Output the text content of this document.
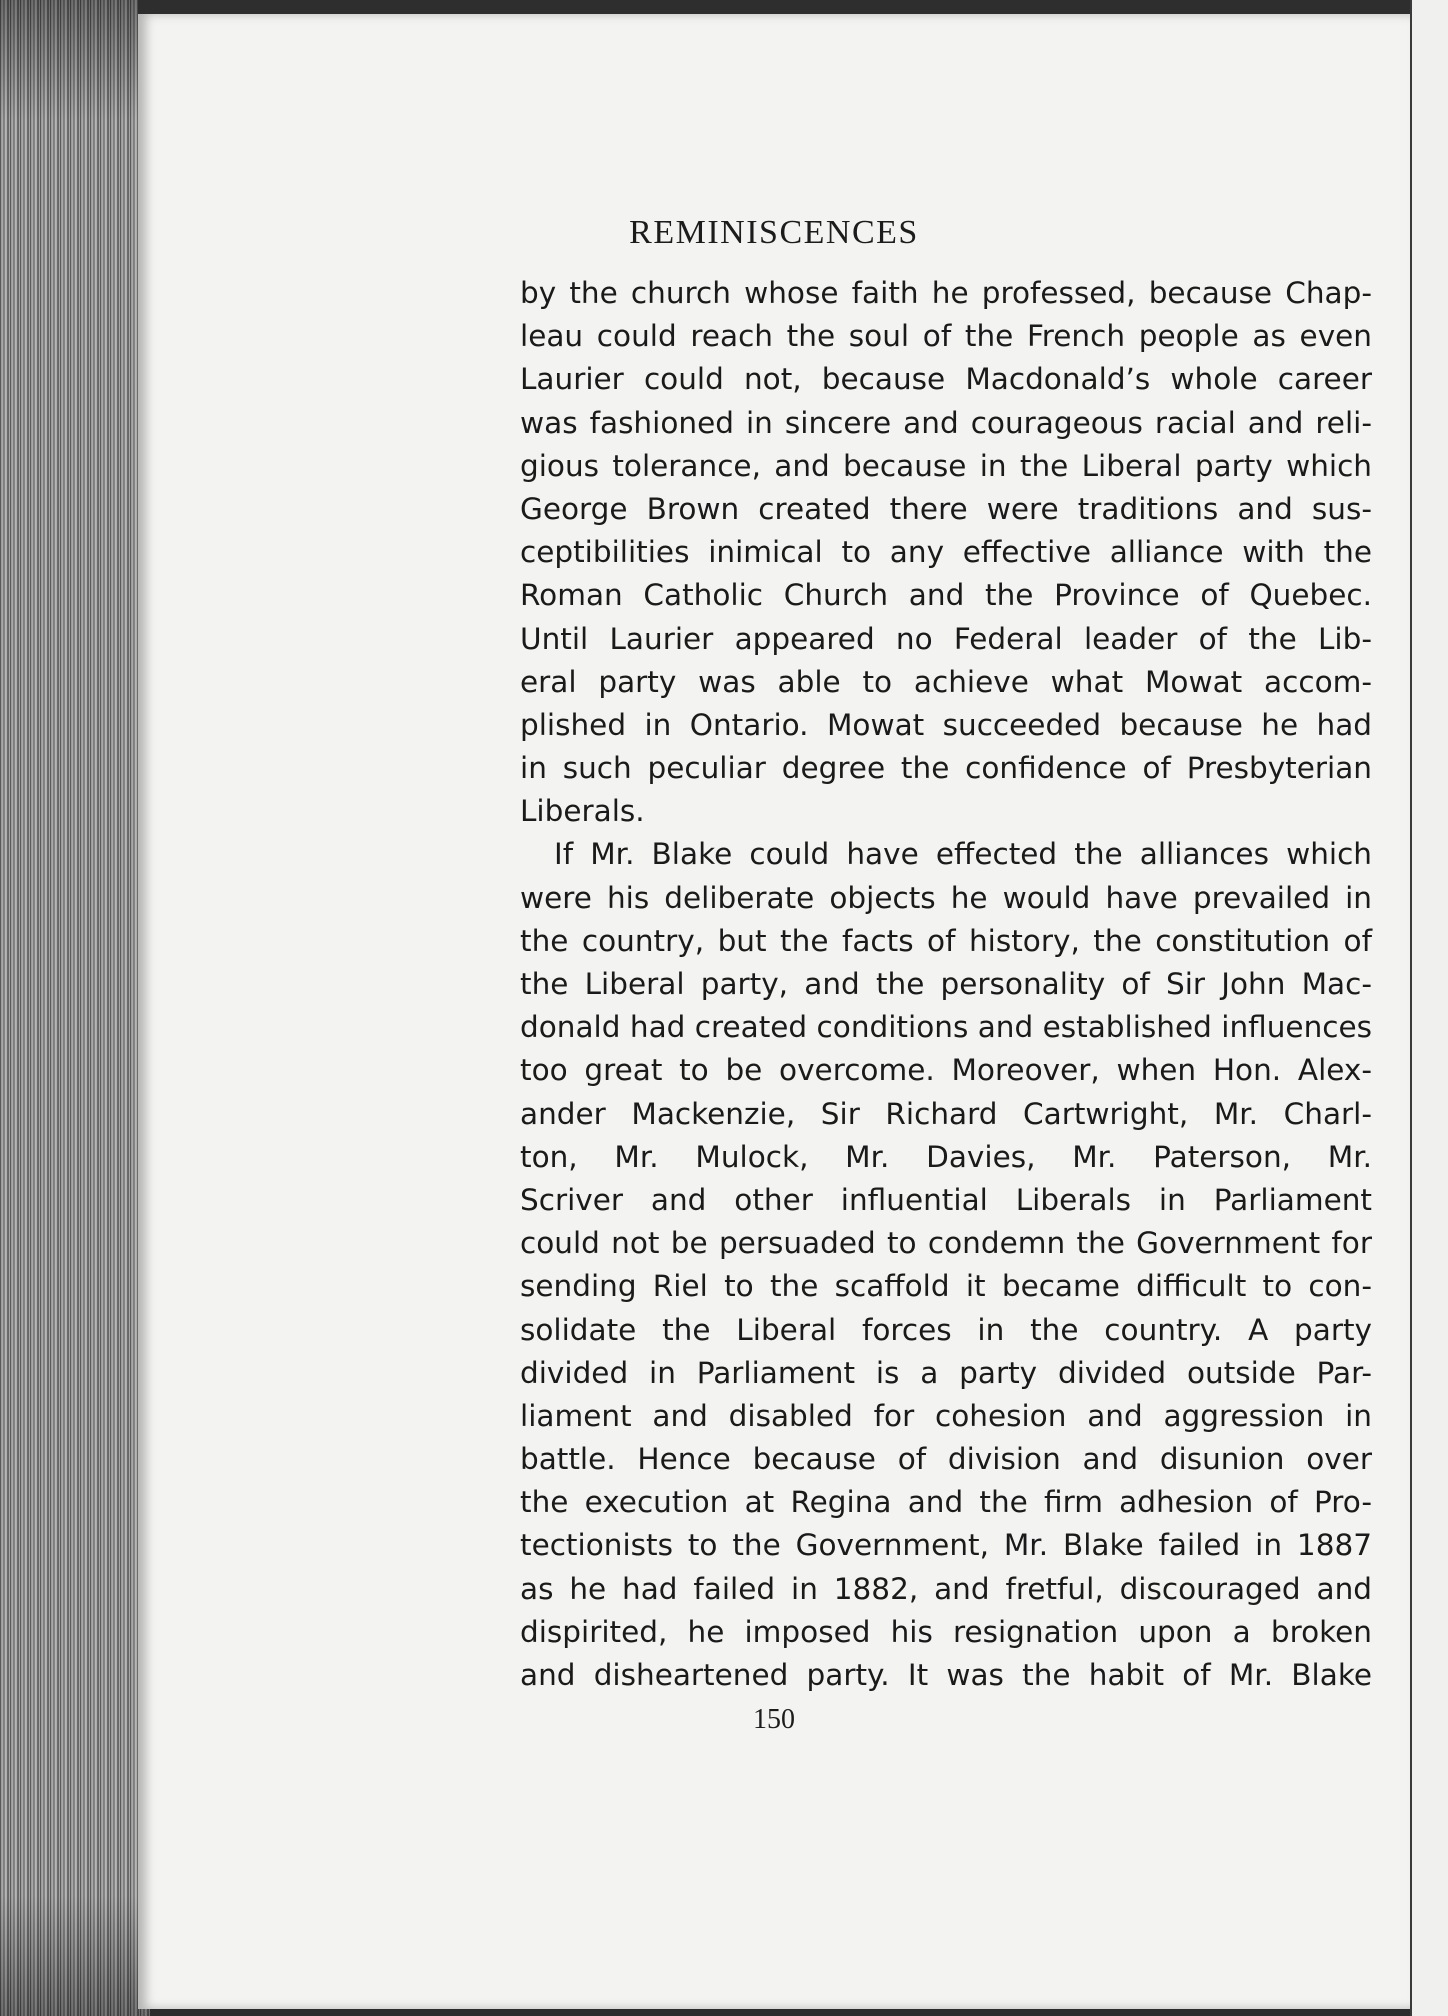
REMINISCENCES
by the church whose faith he professed, because Chap-
leau could reach the soul of the French people as even
Laurier could not, because Macdonald’s whole career
was fashioned in sincere and courageous racial and reli-
gious tolerance, and because in the Liberal party which
George Brown created there were traditions and sus-
ceptibilities inimical to any effective alliance with the
Roman Catholic Church and the Province of Quebec.
Until Laurier appeared no Federal leader of the Lib-
eral party was able to achieve what Mowat accom-
plished in Ontario. Mowat succeeded because he had
in such peculiar degree the confidence of Presbyterian
Liberals.
If Mr. Blake could have effected the alliances which
were his deliberate objects he would have prevailed in
the country, but the facts of history, the constitution of
the Liberal party, and the personality of Sir John Mac-
donald had created conditions and established influences
too great to be overcome. Moreover, when Hon. Alex-
ander Mackenzie, Sir Richard Cartwright, Mr. Charl-
ton, Mr. Mulock, Mr. Davies, Mr. Paterson, Mr.
Scriver and other influential Liberals in Parliament
could not be persuaded to condemn the Government for
sending Riel to the scaffold it became difficult to con-
solidate the Liberal forces in the country. A party
divided in Parliament is a party divided outside Par-
liament and disabled for cohesion and aggression in
battle. Hence because of division and disunion over
the execution at Regina and the firm adhesion of Pro-
tectionists to the Government, Mr. Blake failed in 1887
as he had failed in 1882, and fretful, discouraged and
dispirited, he imposed his resignation upon a broken
and disheartened party. It was the habit of Mr. Blake
150
